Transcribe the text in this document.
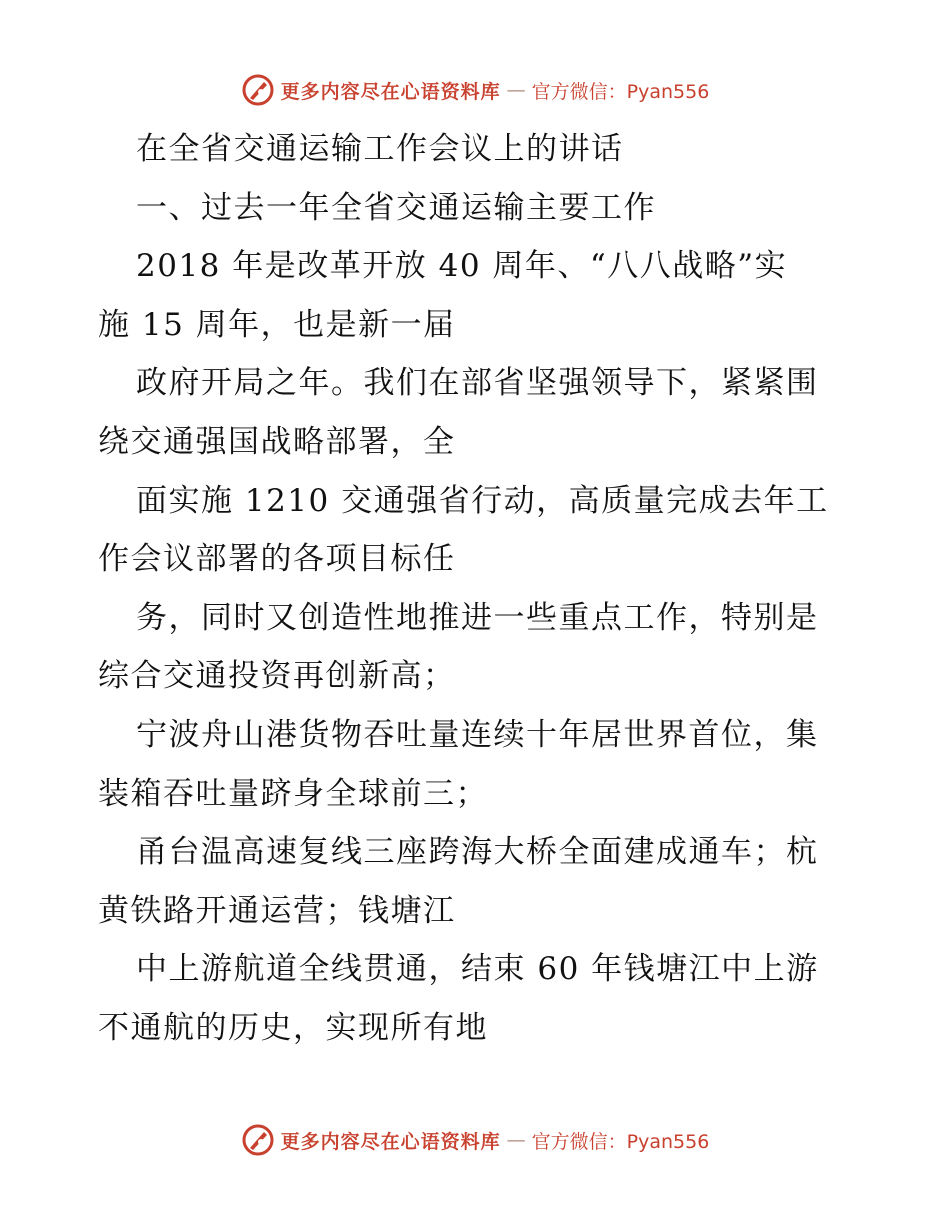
更多内容尽在心语资料库 — 官方微信：Pyan556
在全省交通运输工作会议上的讲话
一、过去一年全省交通运输主要工作
2018 年是改革开放 40 周年、“八八战略”实
施 15 周年，也是新一届
政府开局之年。我们在部省坚强领导下，紧紧围
绕交通强国战略部署，全
面实施 1210 交通强省行动，高质量完成去年工
作会议部署的各项目标任
务，同时又创造性地推进一些重点工作，特别是
综合交通投资再创新高；
宁波舟山港货物吞吐量连续十年居世界首位，集
装箱吞吐量跻身全球前三；
甬台温高速复线三座跨海大桥全面建成通车；杭
黄铁路开通运营；钱塘江
中上游航道全线贯通，结束 60 年钱塘江中上游
不通航的历史，实现所有地
更多内容尽在心语资料库 — 官方微信：Pyan556
